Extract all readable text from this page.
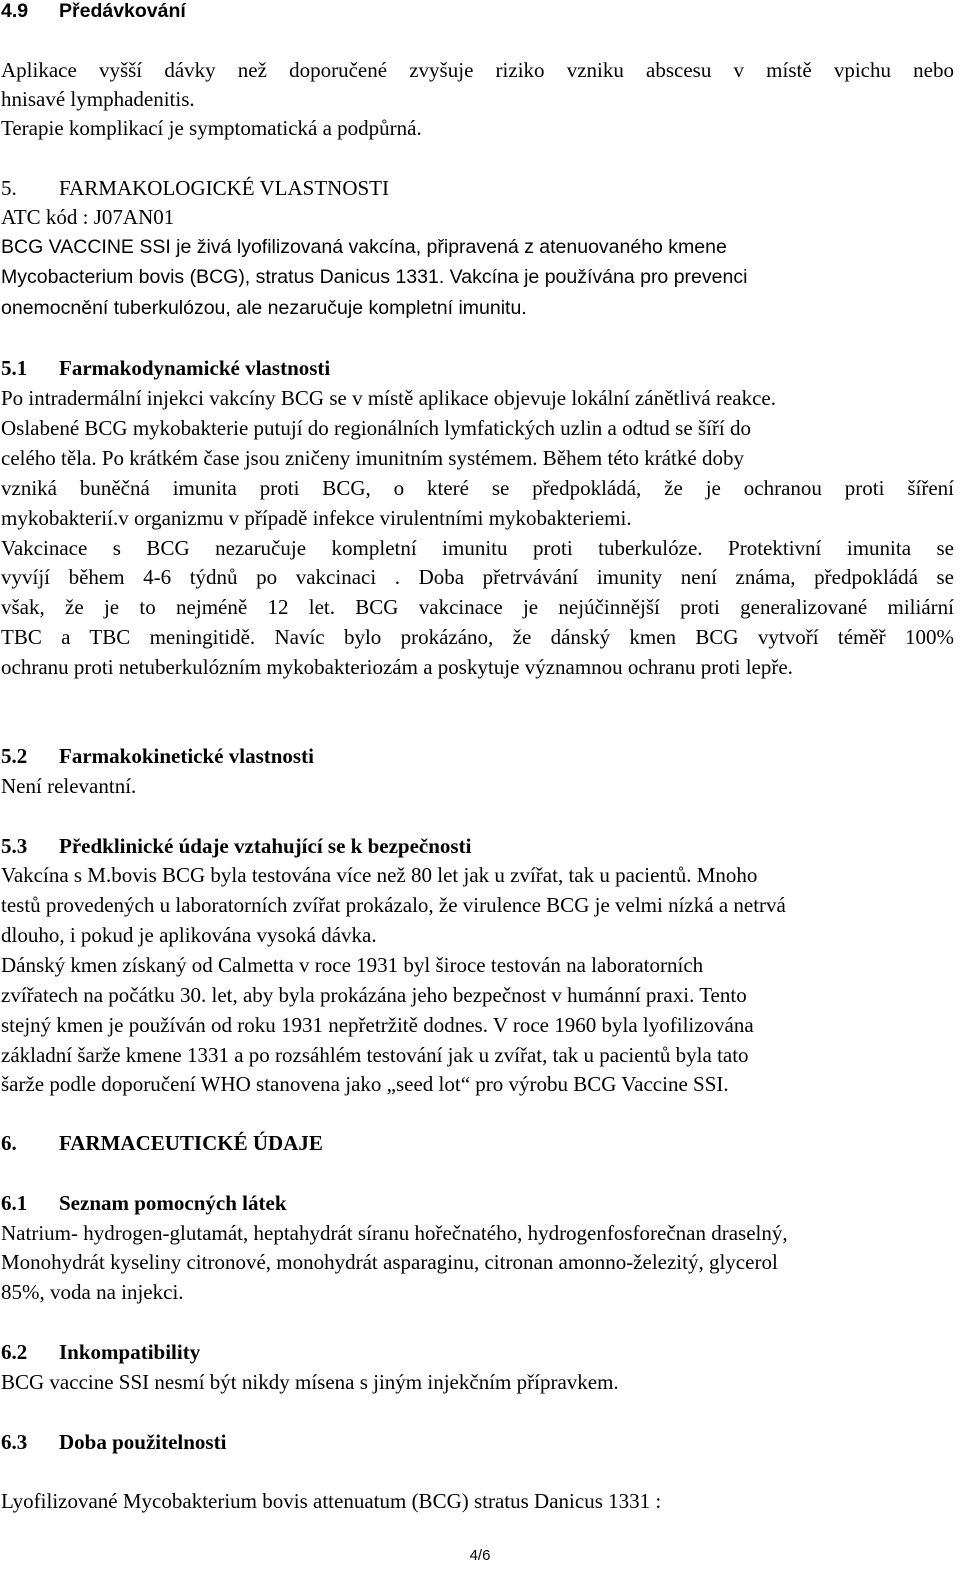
4.9 Předávkování
Aplikace vyšší dávky než doporučené zvyšuje riziko vzniku abscesu v místě vpichu nebo
hnisavé lymphadenitis.
Terapie komplikací je symptomatická a podpůrná.
5. FARMAKOLOGICKÉ VLASTNOSTI
ATC kód : J07AN01
BCG VACCINE SSI je živá lyofilizovaná vakcína, připravená z atenuovaného kmene
Mycobacterium bovis (BCG), stratus Danicus 1331. Vakcína je používána pro prevenci
onemocnění tuberkulózou, ale nezaručuje kompletní imunitu.
5.1 Farmakodynamické vlastnosti
Po intradermální injekci vakcíny BCG se v místě aplikace objevuje lokální zánětlivá reakce.
Oslabené BCG mykobakterie putují do regionálních lymfatických uzlin a odtud se šíří do
celého těla. Po krátkém čase jsou zničeny imunitním systémem. Během této krátké doby
vzniká buněčná imunita proti BCG, o které se předpokládá, že je ochranou proti šíření
mykobakterií.v organizmu v případě infekce virulentními mykobakteriemi.
Vakcinace s BCG nezaručuje kompletní imunitu proti tuberkulóze. Protektivní imunita se
vyvíjí během 4-6 týdnů po vakcinaci . Doba přetrvávání imunity není známa, předpokládá se
však, že je to nejméně 12 let. BCG vakcinace je nejúčinnější proti generalizované miliární
TBC a TBC meningitidě. Navíc bylo prokázáno, že dánský kmen BCG vytvoří téměř 100%
ochranu proti netuberkulózním mykobakteriozám a poskytuje významnou ochranu proti lepře.
5.2 Farmakokinetické vlastnosti
Není relevantní.
5.3 Předklinické údaje vztahující se k bezpečnosti
Vakcína s M.bovis BCG byla testována více než 80 let jak u zvířat, tak u pacientů. Mnoho
testů provedených u laboratorních zvířat prokázalo, že virulence BCG je velmi nízká a netrvá
dlouho, i pokud je aplikována vysoká dávka.
Dánský kmen získaný od Calmetta v roce 1931 byl široce testován na laboratorních
zvířatech na počátku 30. let, aby byla prokázána jeho bezpečnost v humánní praxi. Tento
stejný kmen je používán od roku 1931 nepřetržitě dodnes. V roce 1960 byla lyofilizována
základní šarže kmene 1331 a po rozsáhlém testování jak u zvířat, tak u pacientů byla tato
šarže podle doporučení WHO stanovena jako „seed lot“ pro výrobu BCG Vaccine SSI.
6. FARMACEUTICKÉ ÚDAJE
6.1 Seznam pomocných látek
Natrium- hydrogen-glutamát, heptahydrát síranu hořečnatého, hydrogenfosforečnan draselný,
Monohydrát kyseliny citronové, monohydrát asparaginu, citronan amonno-železitý, glycerol
85%, voda na injekci.
6.2 Inkompatibility
BCG vaccine SSI nesmí být nikdy mísena s jiným injekčním přípravkem.
6.3 Doba použitelnosti
Lyofilizované Mycobakterium bovis attenuatum (BCG) stratus Danicus 1331 :
4/6
